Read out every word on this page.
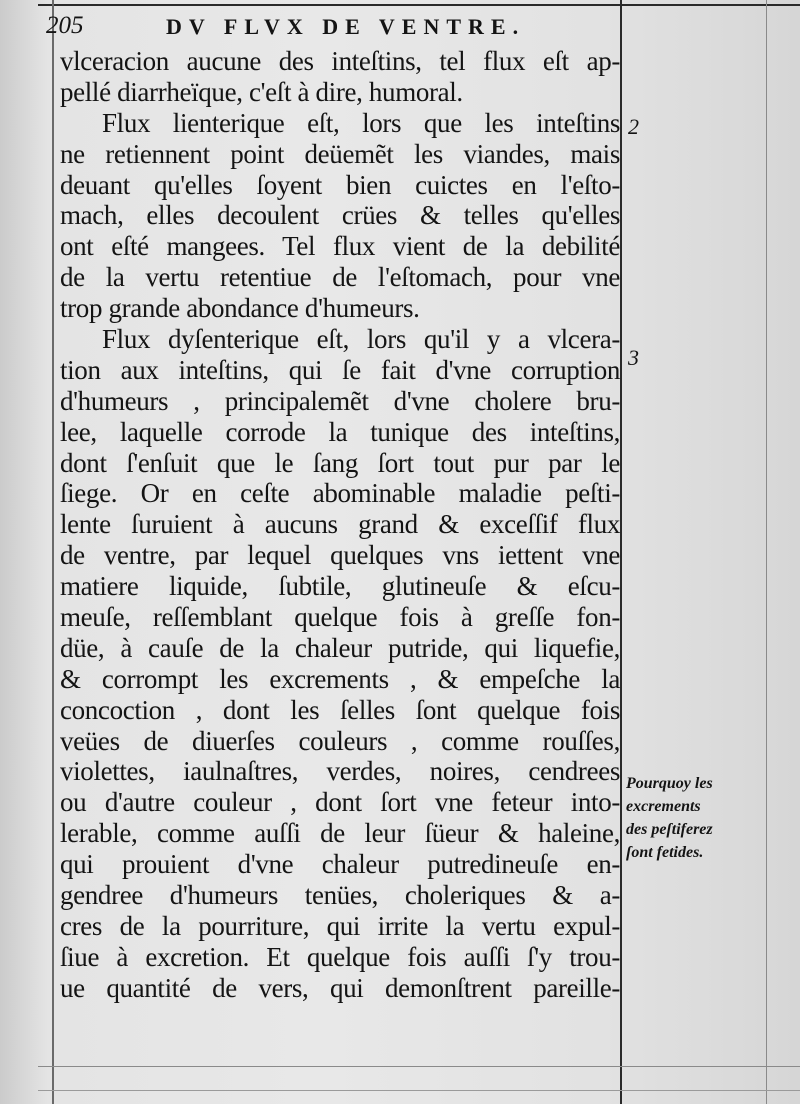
205	DV FLVX DE VENTRE.
vlceracion aucune des inteſtins, tel flux eſt ap-
pellé diarrheïque, c'eſt à dire, humoral.
Flux lienterique eſt, lors que les inteſtins
ne retiennent point deüemẽt les viandes, mais
deuant qu'elles ſoyent bien cuictes en l'eſto-
mach, elles decoulent crües & telles qu'elles
ont eſté mangees. Tel flux vient de la debilité
de la vertu retentiue de l'eſtomach, pour vne
trop grande abondance d'humeurs.
Flux dyſenterique eſt, lors qu'il y a vlcera-
tion aux inteſtins, qui ſe fait d'vne corruption
d'humeurs , principalemẽt d'vne cholere bru-
lee, laquelle corrode la tunique des inteſtins,
dont ſ'enſuit que le ſang ſort tout pur par le
ſiege. Or en ceſte abominable maladie peſti-
lente ſuruient à aucuns grand & exceſſif flux
de ventre, par lequel quelques vns iettent vne
matiere liquide, ſubtile, glutineuſe & eſcu-
meuſe, reſſemblant quelque fois à greſſe fon-
düe, à cauſe de la chaleur putride, qui liquefie,
& corrompt les excrements , & empeſche la
concoction , dont les ſelles ſont quelque fois
veües de diuerſes couleurs , comme rouſſes,
violettes, iaulnaſtres, verdes, noires, cendrees
ou d'autre couleur , dont ſort vne feteur into-
lerable, comme auſſi de leur ſüeur & haleine,
qui prouient d'vne chaleur putredineuſe en-
gendree d'humeurs tenües, choleriques & a-
cres de la pourriture, qui irrite la vertu expul-
ſiue à excretion. Et quelque fois auſſi ſ'y trou-
ue quantité de vers, qui demonſtrent pareille-
2
3
Pourquoy les
excrements
des peſtiferez
ſont fetides.
